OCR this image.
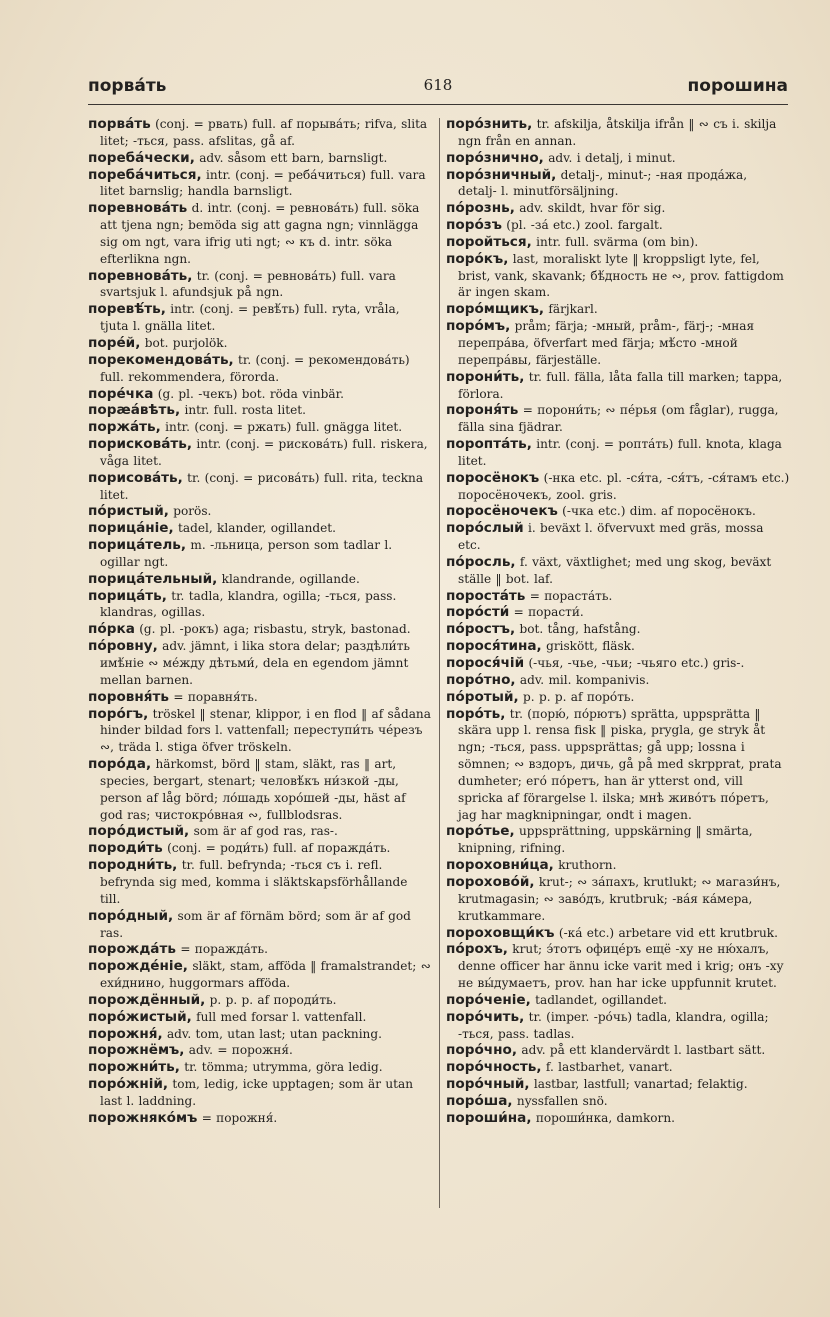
порва́ть	618	порошина
порва́ть (conj. = рвать) full. af порыва́ть; rifva, slita litet; -ться, pass. afslitas, gå af.
пореба́чески, adv. såsom ett barn, barnsligt.
пореба́читься, intr. (conj. = реба́читься) full. vara litet barnslig; handla barnsligt.
поревнова́ть d. intr. (conj. = ревнова́ть) full. söka att tjena ngn; bemöda sig att gagna ngn; vinnlägga sig om ngt, vara ifrig uti ngt; ∾ къ d. intr. söka efterlikna ngn.
поревнова́ть, tr. (conj. = ревнова́ть) full. vara svartsjuk l. afundsjuk på ngn.
поревѣ́ть, intr. (conj. = ревѣ́ть) full. ryta, vråla, tjuta l. gnälla litet.
поре́й, bot. purjolök.
порекомендова́ть, tr. (conj. = рекомендова́ть) full. rekommendera, förorda.
поре́чка (g. pl. -чекъ) bot. röda vinbär.
порæа́вѣть, intr. full. rosta litet.
поржа́ть, intr. (conj. = ржать) full. gnägga litet.
порискова́ть, intr. (conj. = рискова́ть) full. riskera, våga litet.
порисова́ть, tr. (conj. = рисова́ть) full. rita, teckna litet.
по́ристый, porös.
порица́ніе, tadel, klander, ogillandet.
порица́тель, m. -льница, person som tadlar l. ogillar ngt.
порица́тельный, klandrande, ogillande.
порица́ть, tr. tadla, klandra, ogilla; -ться, pass. klandras, ogillas.
по́рка (g. pl. -рокъ) aga; risbastu, stryk, bastonad.
по́ровну, adv. jämnt, i lika stora delar; раздѣли́ть имѣ́ніе ∾ ме́жду дѣтьми́, dela en egendom jämnt mellan barnen.
поровня́ть = поравня́ть.
поро́гъ, tröskel ‖ stenar, klippor, i en flod ‖ af sådana hinder bildad fors l. vattenfall; переступи́ть чéрезъ ∾, träda l. stiga öfver tröskeln.
поро́да, härkomst, börd ‖ stam, släkt, ras ‖ art, species, bergart, stenart; человѣ́къ ни́зкой -ды, person af låg börd; ло́шадь хоро́шей -ды, häst af god ras; чистокро́вная ∾, fullblodsras.
поро́дистый, som är af god ras, ras-.
породи́ть (conj. = роди́ть) full. af пораждáть.
породни́ть, tr. full. befrynda; -ться съ i. refl. befrynda sig med, komma i släktskapsförhållande till.
поро́дный, som är af förnäm börd; som är af god ras.
порожда́ть = пораждáть.
порожде́ніе, släkt, stam, afföda ‖ framalstrandet; ∾ ехи́днино, huggormars afföda.
порождённый, p. p. p. af породи́ть.
поро́жистый, full med forsar l. vattenfall.
порожня́, adv. tom, utan last; utan packning.
порожнёмъ, adv. = порожня́.
порожни́ть, tr. tömma; utrymma, göra ledig.
поро́жній, tom, ledig, icke upptagen; som är utan last l. laddning.
порожняко́мъ = порожня́.
поро́знить, tr. afskilja, åtskilja ifrån ‖ ∾ съ i. skilja ngn från en annan.
поро́знично, adv. i detalj, i minut.
поро́зничный, detalj-, minut-; -ная продáжа, detalj- l. minutförsäljning.
по́рознь, adv. skildt, hvar för sig.
поро́зъ (pl. -зá etc.) zool. fargalt.
поройться, intr. full. svärma (om bin).
поро́къ, last, moraliskt lyte ‖ kroppsligt lyte, fel, brist, vank, skavank; бѣ́дность не ∾, prov. fattigdom är ingen skam.
поро́мщикъ, färjkarl.
поро́мъ, pråm; färja; -мный, pråm-, färj-; -мная перепрáва, öfverfart med färja; мѣ́сто -мной перепрáвы, färjeställe.
порони́ть, tr. full. fälla, låta falla till marken; tappa, förlora.
пороня́ть = порони́ть; ∾ пéрья (om fåglar), rugga, fälla sina fjädrar.
поропта́ть, intr. (conj. = роптáть) full. knota, klaga litet.
поросёнокъ (-нка etc. pl. -ся́та, -ся́тъ, -ся́тамъ etc.) поросёночекъ, zool. gris.
поросёночекъ (-чка etc.) dim. af поросёнокъ.
поро́слый i. beväxt l. öfvervuxt med gräs, mossa etc.
по́росль, f. växt, växtlighet; med ung skog, beväxt ställe ‖ bot. laf.
пороста́ть = порастáть.
поро́сти́ = порасти́.
по́ростъ, bot. tång, hafstång.
порося́тина, griskött, fläsk.
порося́чій (-чья, -чье, -чьи; -чьяго etc.) gris-.
поро́тно, adv. mil. kompanivis.
по́ротый, p. p. p. af поро́ть.
поро́ть, tr. (порю́, по́рютъ) sprätta, uppsprätta ‖ skära upp l. rensa fisk ‖ piska, prygla, ge stryk åt ngn; -ться, pass. uppsprättas; gå upp; lossna i sömnen; ∾ вздоръ, дичь, gå på med skrpprat, prata dumheter; его́ по́ретъ, han är ytterst ond, vill spricka af förargelse l. ilska; мнѣ живо́тъ по́ретъ, jag har magknipningar, ondt i magen.
поро́тье, uppsprättning, uppskärning ‖ smärta, knipning, rifning.
пороховни́ца, kruthorn.
порохово́й, krut-; ∾ зáпахъ, krutlukt; ∾ магази́нъ, krutmagasin; ∾ заво́дъ, krutbruk; -вáя кáмера, krutkammare.
пороховщи́къ (-кá etc.) arbetare vid ett krutbruk.
по́рохъ, krut; э́тотъ офицéръ ещё -ху не ню́халъ, denne officer har ännu icke varit med i krig; онъ -ху не вы́думаетъ, prov. han har icke uppfunnit krutet.
поро́ченіе, tadlandet, ogillandet.
поро́чить, tr. (imper. -ро́чь) tadla, klandra, ogilla; -ться, pass. tadlas.
поро́чно, adv. på ett klandervärdt l. lastbart sätt.
поро́чность, f. lastbarhet, vanart.
поро́чный, lastbar, lastfull; vanartad; felaktig.
поро́ша, nyssfallen snö.
пороши́на, пороши́нка, damkorn.
